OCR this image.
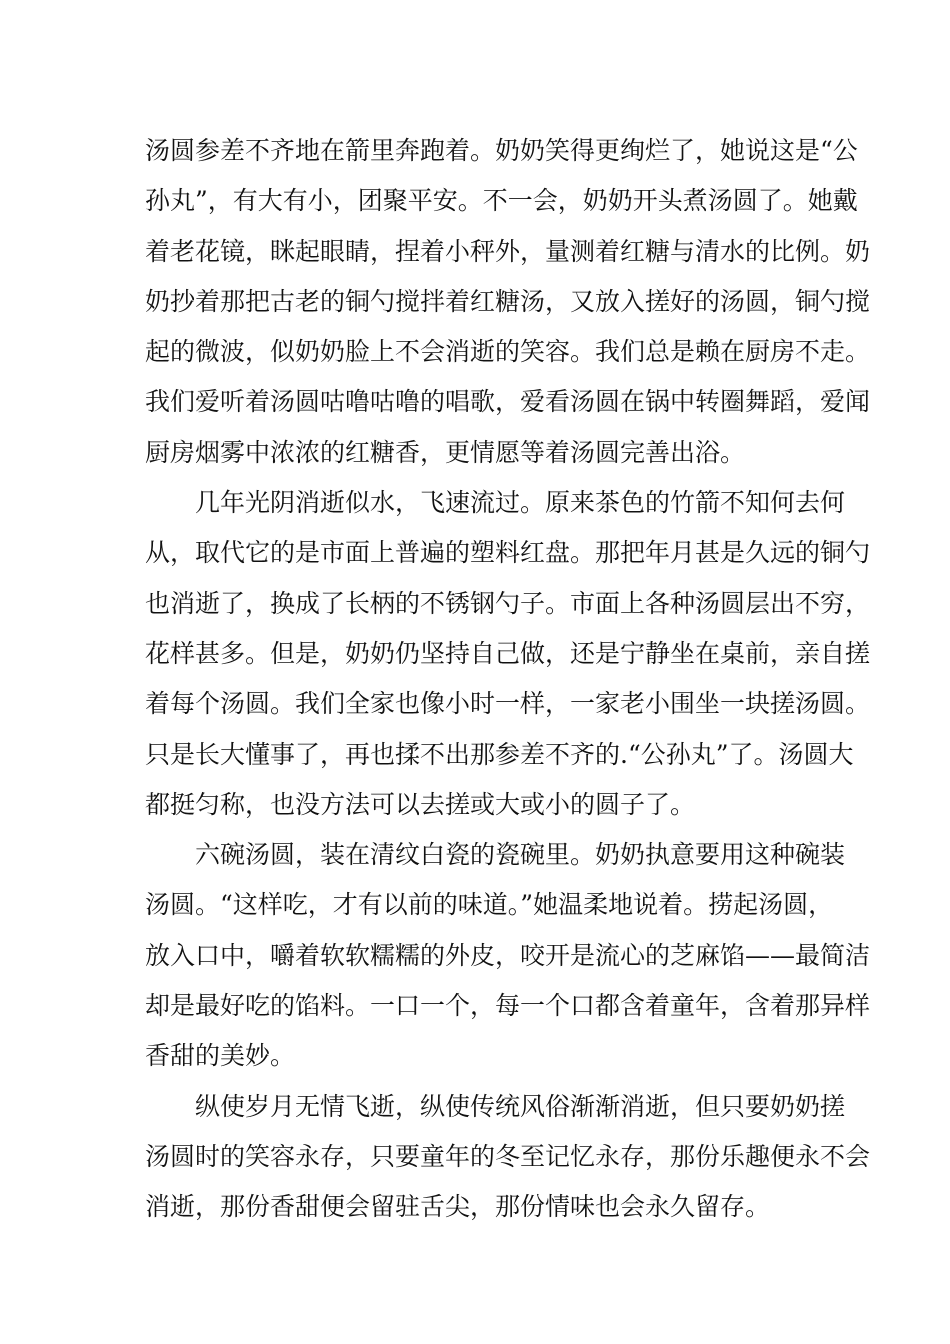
汤圆参差不齐地在箭里奔跑着。奶奶笑得更绚烂了，她说这是“公
孙丸”，有大有小，团聚平安。不一会，奶奶开头煮汤圆了。她戴
着老花镜，眯起眼睛，捏着小秤外，量测着红糖与清水的比例。奶
奶抄着那把古老的铜勺搅拌着红糖汤，又放入搓好的汤圆，铜勺搅
起的微波，似奶奶脸上不会消逝的笑容。我们总是赖在厨房不走。
我们爱听着汤圆咕噜咕噜的唱歌，爱看汤圆在锅中转圈舞蹈，爱闻
厨房烟雾中浓浓的红糖香，更情愿等着汤圆完善出浴。
　　几年光阴消逝似水，飞速流过。原来茶色的竹箭不知何去何
从，取代它的是市面上普遍的塑料红盘。那把年月甚是久远的铜勺
也消逝了，换成了长柄的不锈钢勺子。市面上各种汤圆层出不穷，
花样甚多。但是，奶奶仍坚持自己做，还是宁静坐在桌前，亲自搓
着每个汤圆。我们全家也像小时一样，一家老小围坐一块搓汤圆。
只是长大懂事了，再也揉不出那参差不齐的.“公孙丸”了。汤圆大
都挺匀称，也没方法可以去搓或大或小的圆子了。
　　六碗汤圆，装在清纹白瓷的瓷碗里。奶奶执意要用这种碗装
汤圆。“这样吃，才有以前的味道。”她温柔地说着。捞起汤圆，
放入口中，嚼着软软糯糯的外皮，咬开是流心的芝麻馅——最简洁
却是最好吃的馅料。一口一个，每一个口都含着童年，含着那异样
香甜的美妙。
　　纵使岁月无情飞逝，纵使传统风俗渐渐消逝，但只要奶奶搓
汤圆时的笑容永存，只要童年的冬至记忆永存，那份乐趣便永不会
消逝，那份香甜便会留驻舌尖，那份情味也会永久留存。
